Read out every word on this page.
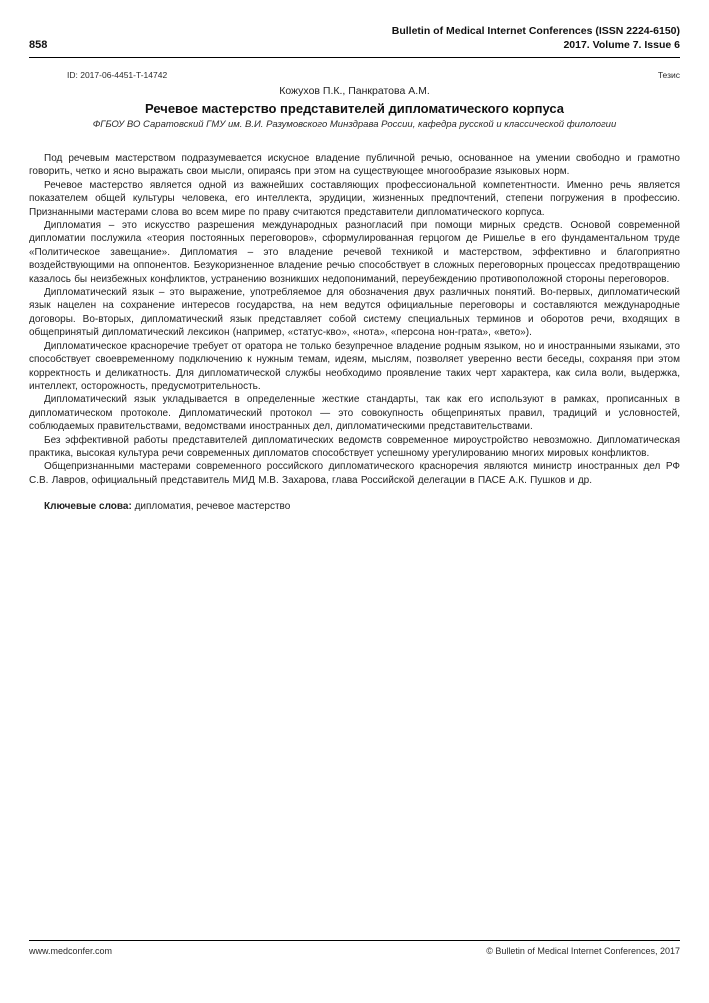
858
Bulletin of Medical Internet Conferences (ISSN 2224-6150)
2017. Volume 7. Issue 6
ID: 2017-06-4451-T-14742	Тезис
Кожухов П.К., Панкратова А.М.
Речевое мастерство представителей дипломатического корпуса
ФГБОУ ВО Саратовский ГМУ им. В.И. Разумовского Минздрава России, кафедра русской и классической филологии

Под речевым мастерством подразумевается искусное владение публичной речью, основанное на умении свободно и грамотно говорить, четко и ясно выражать свои мысли, опираясь при этом на существующее многообразие языковых норм.

Речевое мастерство является одной из важнейших составляющих профессиональной компетентности. Именно речь является показателем общей культуры человека, его интеллекта, эрудиции, жизненных предпочтений, степени погружения в профессию. Признанными мастерами слова во всем мире по праву считаются представители дипломатического корпуса.

Дипломатия – это искусство разрешения международных разногласий при помощи мирных средств. Основой современной дипломатии послужила «теория постоянных переговоров», сформулированная герцогом де Ришелье в его фундаментальном труде «Политическое завещание». Дипломатия – это владение речевой техникой и мастерством, эффективно и благоприятно воздействующими на оппонентов. Безукоризненное владение речью способствует в сложных переговорных процессах предотвращению казалось бы неизбежных конфликтов, устранению возникших недопониманий, переубеждению противоположной стороны переговоров.

Дипломатический язык – это выражение, употребляемое для обозначения двух различных понятий. Во-первых, дипломатический язык нацелен на сохранение интересов государства, на нем ведутся официальные переговоры и составляются международные договоры. Во-вторых, дипломатический язык представляет собой систему специальных терминов и оборотов речи, входящих в общепринятый дипломатический лексикон (например, «статус-кво», «нота», «персона нон-грата», «вето»).

Дипломатическое красноречие требует от оратора не только безупречное владение родным языком, но и иностранными языками, это способствует своевременному подключению к нужным темам, идеям, мыслям, позволяет уверенно вести беседы, сохраняя при этом корректность и деликатность. Для дипломатической службы необходимо проявление таких черт характера, как сила воли, выдержка, интеллект, осторожность, предусмотрительность.

Дипломатический язык укладывается в определенные жесткие стандарты, так как его используют в рамках, прописанных в дипломатическом протоколе. Дипломатический протокол — это совокупность общепринятых правил, традиций и условностей, соблюдаемых правительствами, ведомствами иностранных дел, дипломатическими представительствами.

Без эффективной работы представителей дипломатических ведомств современное мироустройство невозможно. Дипломатическая практика, высокая культура речи современных дипломатов способствует успешному урегулированию многих мировых конфликтов.

Общепризнанными мастерами современного российского дипломатического красноречия являются министр иностранных дел РФ С.В. Лавров, официальный представитель МИД М.В. Захарова, глава Российской делегации в ПАСЕ А.К. Пушков и др.

Ключевые слова: дипломатия, речевое мастерство

www.medconfer.com	© Bulletin of Medical Internet Conferences, 2017
